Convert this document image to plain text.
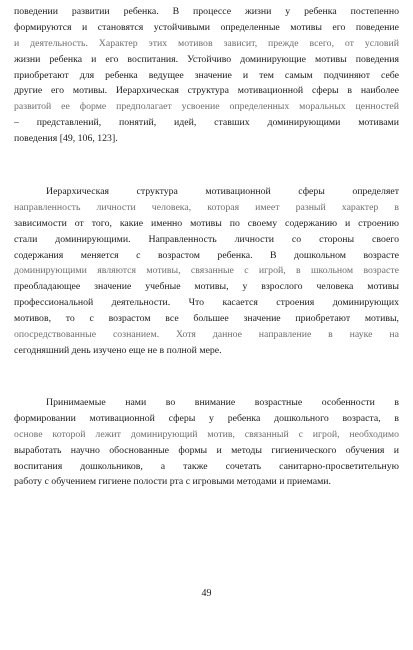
поведении развитии ребенка. В процессе жизни у ребенка постепенно
формируются и становятся устойчивыми определенные мотивы его поведение
и деятельность. Характер этих мотивов зависит, прежде всего, от условий
жизни ребенка и его воспитания. Устойчиво доминирующие мотивы поведения
приобретают для ребенка ведущее значение и тем самым подчиняют себе
другие его мотивы. Иерархическая структура мотивационной сферы в наиболее
развитой ее форме предполагает усвоение определенных моральных ценностей
– представлений, понятий, идей, ставших доминирующими мотивами
поведения [49, 106, 123].
Иерархическая структура мотивационной сферы определяет
направленность личности человека, которая имеет разный характер в
зависимости от того, какие именно мотивы по своему содержанию и строению
стали доминирующими. Направленность личности со стороны своего
содержания меняется с возрастом ребенка. В дошкольном возрасте
доминирующими являются мотивы, связанные с игрой, в школьном возрасте
преобладающее значение учебные мотивы, у взрослого человека мотивы
профессиональной деятельности. Что касается строения доминирующих
мотивов, то с возрастом все большее значение приобретают мотивы,
опосредствованные сознанием. Хотя данное направление в науке на
сегодняшний день изучено еще не в полной мере.
Принимаемые нами во внимание возрастные особенности в
формировании мотивационной сферы у ребенка дошкольного возраста, в
основе которой лежит доминирующий мотив, связанный с игрой, необходимо
выработать научно обоснованные формы и методы гигиенического обучения и
воспитания дошкольников, а также сочетать санитарно-просветительную
работу с обучением гигиене полости рта с игровыми методами и приемами.
49
